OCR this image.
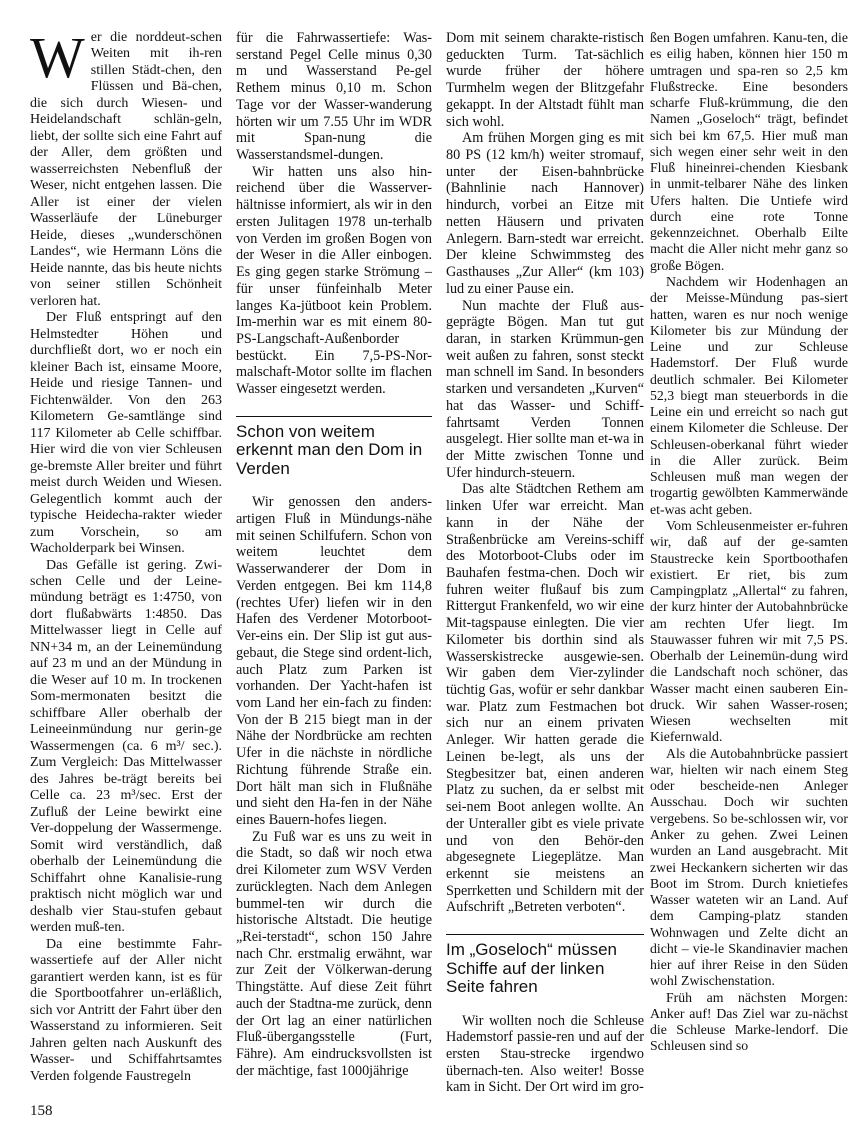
W er die norddeut-schen Weiten mit ih-ren stillen Städt-chen, den Flüssen und Bä-chen, die sich durch Wiesen- und Heidelandschaft schlän-geln, liebt, der sollte sich eine Fahrt auf der Aller, dem größten und wasserreichsten Nebenfluß der Weser, nicht entgehen lassen. Die Aller ist einer der vielen Wasserläufe der Lüneburger Heide, dieses „wunderschönen Landes“, wie Hermann Löns die Heide nannte, das bis heute nichts von seiner stillen Schönheit verloren hat.

Der Fluß entspringt auf den Helmstedter Höhen und durchfließt dort, wo er noch ein kleiner Bach ist, einsame Moore, Heide und riesige Tannen- und Fichtenwälder. Von den 263 Kilometern Ge-samtlänge sind 117 Kilometer ab Celle schiffbar. Hier wird die von vier Schleusen ge-bremste Aller breiter und führt meist durch Weiden und Wiesen. Gelegentlich kommt auch der typische Heidecha-rakter wieder zum Vorschein, so am Wacholderpark bei Winsen.

Das Gefälle ist gering. Zwi-schen Celle und der Leine-mündung beträgt es 1:4750, von dort flußabwärts 1:4850. Das Mittelwasser liegt in Celle auf NN+34 m, an der Leinemündung auf 23 m und an der Mündung in die Weser auf 10 m. In trockenen Som-mermonaten besitzt die schiffbare Aller oberhalb der Leineeinmündung nur gerin-ge Wassermengen (ca. 6 m³/ sec.). Zum Vergleich: Das Mittelwasser des Jahres be-trägt bereits bei Celle ca. 23 m³/sec. Erst der Zufluß der Leine bewirkt eine Ver-doppelung der Wassermenge. Somit wird verständlich, daß oberhalb der Leinemündung die Schiffahrt ohne Kanalisie-rung praktisch nicht möglich war und deshalb vier Stau-stufen gebaut werden muß-ten.

Da eine bestimmte Fahr-wassertiefe auf der Aller nicht garantiert werden kann, ist es für die Sportbootfahrer un-erläßlich, sich vor Antritt der Fahrt über den Wasserstand zu informieren. Seit Jahren gelten nach Auskunft des Wasser- und Schiffahrtsamtes Verden folgende Faustregeln

für die Fahrwassertiefe: Was-serstand Pegel Celle minus 0,30 m und Wasserstand Pe-gel Rethem minus 0,10 m. Schon Tage vor der Wasser-wanderung hörten wir um 7.55 Uhr im WDR mit Span-nung die Wasserstandsmel-dungen.

Wir hatten uns also hin-reichend über die Wasserver-hältnisse informiert, als wir in den ersten Julitagen 1978 un-terhalb von Verden im großen Bogen von der Weser in die Aller einbogen. Es ging gegen starke Strömung – für unser fünfeinhalb Meter langes Ka-jütboot kein Problem. Im-merhin war es mit einem 80-PS-Langschaft-Außenborder bestückt. Ein 7,5-PS-Nor-malschaft-Motor sollte im flachen Wasser eingesetzt werden.

Schon von weitem erkennt man den Dom in Verden

Wir genossen den anders-artigen Fluß in Mündungs-nähe mit seinen Schilfufern. Schon von weitem leuchtet dem Wasserwanderer der Dom in Verden entgegen. Bei km 114,8 (rechtes Ufer) liefen wir in den Hafen des Verdener Motorboot-Ver-eins ein. Der Slip ist gut aus-gebaut, die Stege sind ordent-lich, auch Platz zum Parken ist vorhanden. Der Yacht-hafen ist vom Land her ein-fach zu finden: Von der B 215 biegt man in der Nähe der Nordbrücke am rechten Ufer in die nächste in nördliche Richtung führende Straße ein. Dort hält man sich in Flußnähe und sieht den Ha-fen in der Nähe eines Bauern-hofes liegen.

Zu Fuß war es uns zu weit in die Stadt, so daß wir noch etwa drei Kilometer zum WSV Verden zurücklegten. Nach dem Anlegen bummel-ten wir durch die historische Altstadt. Die heutige „Rei-terstadt“, schon 150 Jahre nach Chr. erstmalig erwähnt, war zur Zeit der Völkerwan-derung Thingstätte. Auf diese Zeit führt auch der Stadtna-me zurück, denn der Ort lag an einer natürlichen Fluß-übergangsstelle (Furt, Fähre). Am eindrucksvollsten ist der mächtige, fast 1000jährige

Dom mit seinem charakte-ristisch geduckten Turm. Tat-sächlich wurde früher der höhere Turmhelm wegen der Blitzgefahr gekappt. In der Altstadt fühlt man sich wohl.

Am frühen Morgen ging es mit 80 PS (12 km/h) weiter stromauf, unter der Eisen-bahnbrücke (Bahnlinie nach Hannover) hindurch, vorbei an Eitze mit netten Häusern und privaten Anlegern. Barn-stedt war erreicht. Der kleine Schwimmsteg des Gasthauses „Zur Aller“ (km 103) lud zu einer Pause ein.

Nun machte der Fluß aus-geprägte Bögen. Man tut gut daran, in starken Krümmun-gen weit außen zu fahren, sonst steckt man schnell im Sand. In besonders starken und versandeten „Kurven“ hat das Wasser- und Schiff-fahrtsamt Verden Tonnen ausgelegt. Hier sollte man et-wa in der Mitte zwischen Tonne und Ufer hindurch-steuern.

Das alte Städtchen Rethem am linken Ufer war erreicht. Man kann in der Nähe der Straßenbrücke am Vereins-schiff des Motorboot-Clubs oder im Bauhafen festma-chen. Doch wir fuhren weiter flußauf bis zum Rittergut Frankenfeld, wo wir eine Mit-tagspause einlegten. Die vier Kilometer bis dorthin sind als Wasserskistrecke ausgewie-sen. Wir gaben dem Vier-zylinder tüchtig Gas, wofür er sehr dankbar war. Platz zum Festmachen bot sich nur an einem privaten Anleger. Wir hatten gerade die Leinen be-legt, als uns der Stegbesitzer bat, einen anderen Platz zu suchen, da er selbst mit sei-nem Boot anlegen wollte. An der Unteraller gibt es viele private und von den Behör-den abgesegnete Liegeplätze. Man erkennt sie meistens an Sperrketten und Schildern mit der Aufschrift „Betreten verboten“.

Im „Goseloch“ müssen Schiffe auf der linken Seite fahren

Wir wollten noch die Schleuse Hademstorf passie-ren und auf der ersten Stau-strecke irgendwo übernach-ten. Also weiter! Bosse kam in Sicht. Der Ort wird im gro-

ßen Bogen umfahren. Kanu-ten, die es eilig haben, können hier 150 m umtragen und spa-ren so 2,5 km Flußstrecke. Eine besonders scharfe Fluß-krümmung, die den Namen „Goseloch“ trägt, befindet sich bei km 67,5. Hier muß man sich wegen einer sehr weit in den Fluß hineinrei-chenden Kiesbank in unmit-telbarer Nähe des linken Ufers halten. Die Untiefe wird durch eine rote Tonne gekennzeichnet. Oberhalb Eilte macht die Aller nicht mehr ganz so große Bögen.

Nachdem wir Hodenhagen an der Meisse-Mündung pas-siert hatten, waren es nur noch wenige Kilometer bis zur Mündung der Leine und zur Schleuse Hademstorf. Der Fluß wurde deutlich schmaler. Bei Kilometer 52,3 biegt man steuerbords in die Leine ein und erreicht so nach gut einem Kilometer die Schleuse. Der Schleusen-oberkanal führt wieder in die Aller zurück. Beim Schleusen muß man wegen der trogartig gewölbten Kammerwände et-was acht geben.

Vom Schleusenmeister er-fuhren wir, daß auf der ge-samten Staustrecke kein Sportboothafen existiert. Er riet, bis zum Campingplatz „Allertal“ zu fahren, der kurz hinter der Autobahnbrücke am rechten Ufer liegt. Im Stauwasser fuhren wir mit 7,5 PS. Oberhalb der Leinemün-dung wird die Landschaft noch schöner, das Wasser macht einen sauberen Ein-druck. Wir sahen Wasser-rosen; Wiesen wechselten mit Kiefernwald.

Als die Autobahnbrücke passiert war, hielten wir nach einem Steg oder bescheide-nen Anleger Ausschau. Doch wir suchten vergebens. So be-schlossen wir, vor Anker zu gehen. Zwei Leinen wurden an Land ausgebracht. Mit zwei Heckankern sicherten wir das Boot im Strom. Durch knietiefes Wasser wateten wir an Land. Auf dem Camping-platz standen Wohnwagen und Zelte dicht an dicht – vie-le Skandinavier machen hier auf ihrer Reise in den Süden wohl Zwischenstation.

Früh am nächsten Morgen: Anker auf! Das Ziel war zu-nächst die Schleuse Marke-lendorf. Die Schleusen sind so

158
